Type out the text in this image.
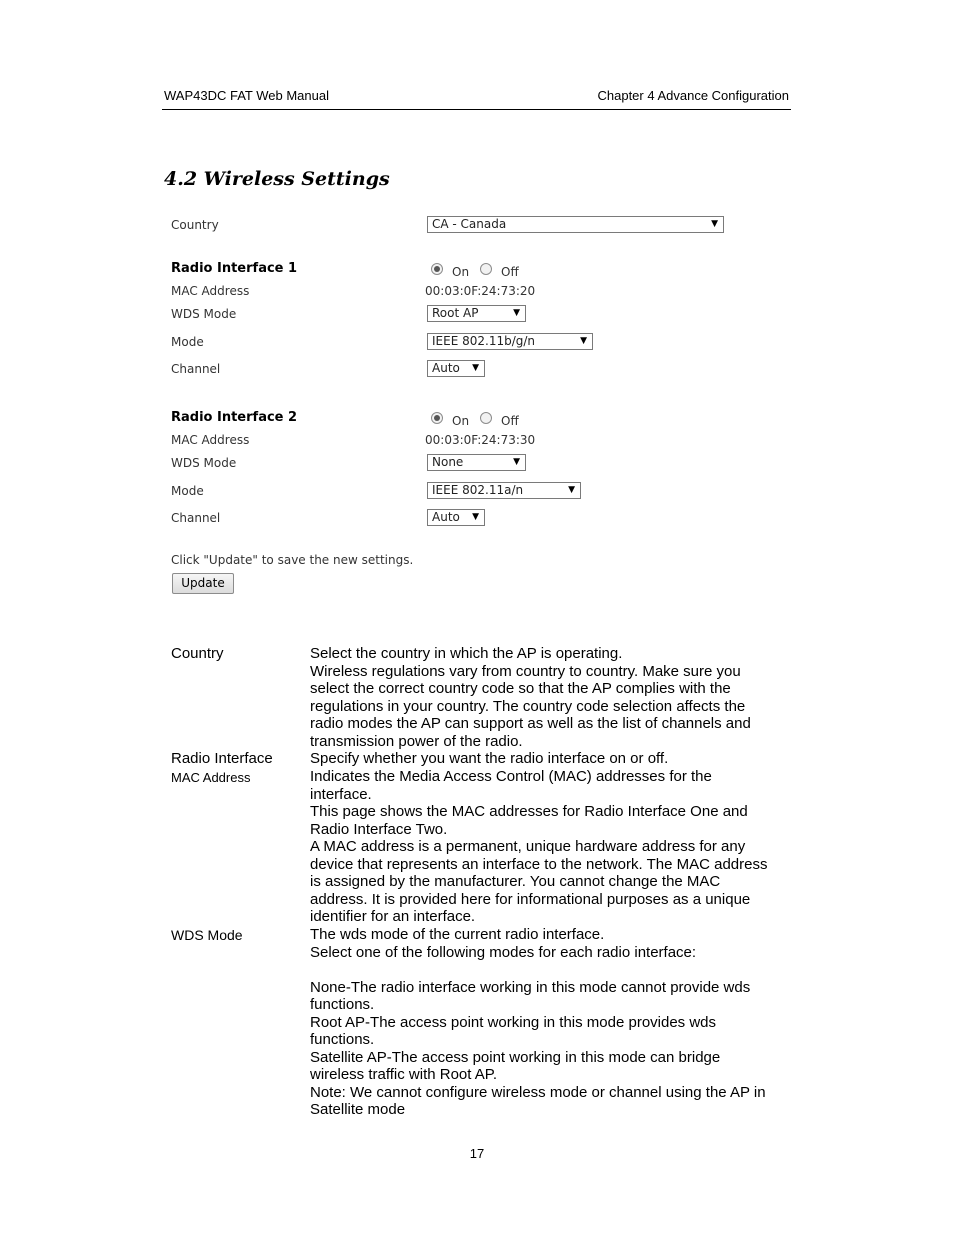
WAP43DC FAT Web Manual	Chapter 4 Advance Configuration
4.2 Wireless Settings
Country	CA - Canada	▼
Radio Interface 1	On	Off
MAC Address	00:03:0F:24:73:20
WDS Mode	Root AP	▼
Mode	IEEE 802.11b/g/n	▼
Channel	Auto ▼
Radio Interface 2	On	Off
MAC Address	00:03:0F:24:73:30
WDS Mode	None	▼
Mode	IEEE 802.11a/n	▼
Channel	Auto ▼
Click "Update" to save the new settings.
Update
Country	Select the country in which the AP is operating.

Wireless regulations vary from country to country. Make sure you

select the correct country code so that the AP complies with the

regulations in your country. The country code selection affects the

radio modes the AP can support as well as the list of channels and

transmission power of the radio.

Radio Interface	Specify whether you want the radio interface on or off.

MAC Address	Indicates the Media Access Control (MAC) addresses for the

interface.

This page shows the MAC addresses for Radio Interface One and

Radio Interface Two.

A MAC address is a permanent, unique hardware address for any

device that represents an interface to the network. The MAC address

is assigned by the manufacturer. You cannot change the MAC

address. It is provided here for informational purposes as a unique

identifier for an interface.

WDS Mode	The wds mode of the current radio interface.

Select one of the following modes for each radio interface:

None-The radio interface working in this mode cannot provide wds

functions.

Root AP-The access point working in this mode provides wds

functions.

Satellite AP-The access point working in this mode can bridge

wireless traffic with Root AP.

Note: We cannot configure wireless mode or channel using the AP in

Satellite mode

17
